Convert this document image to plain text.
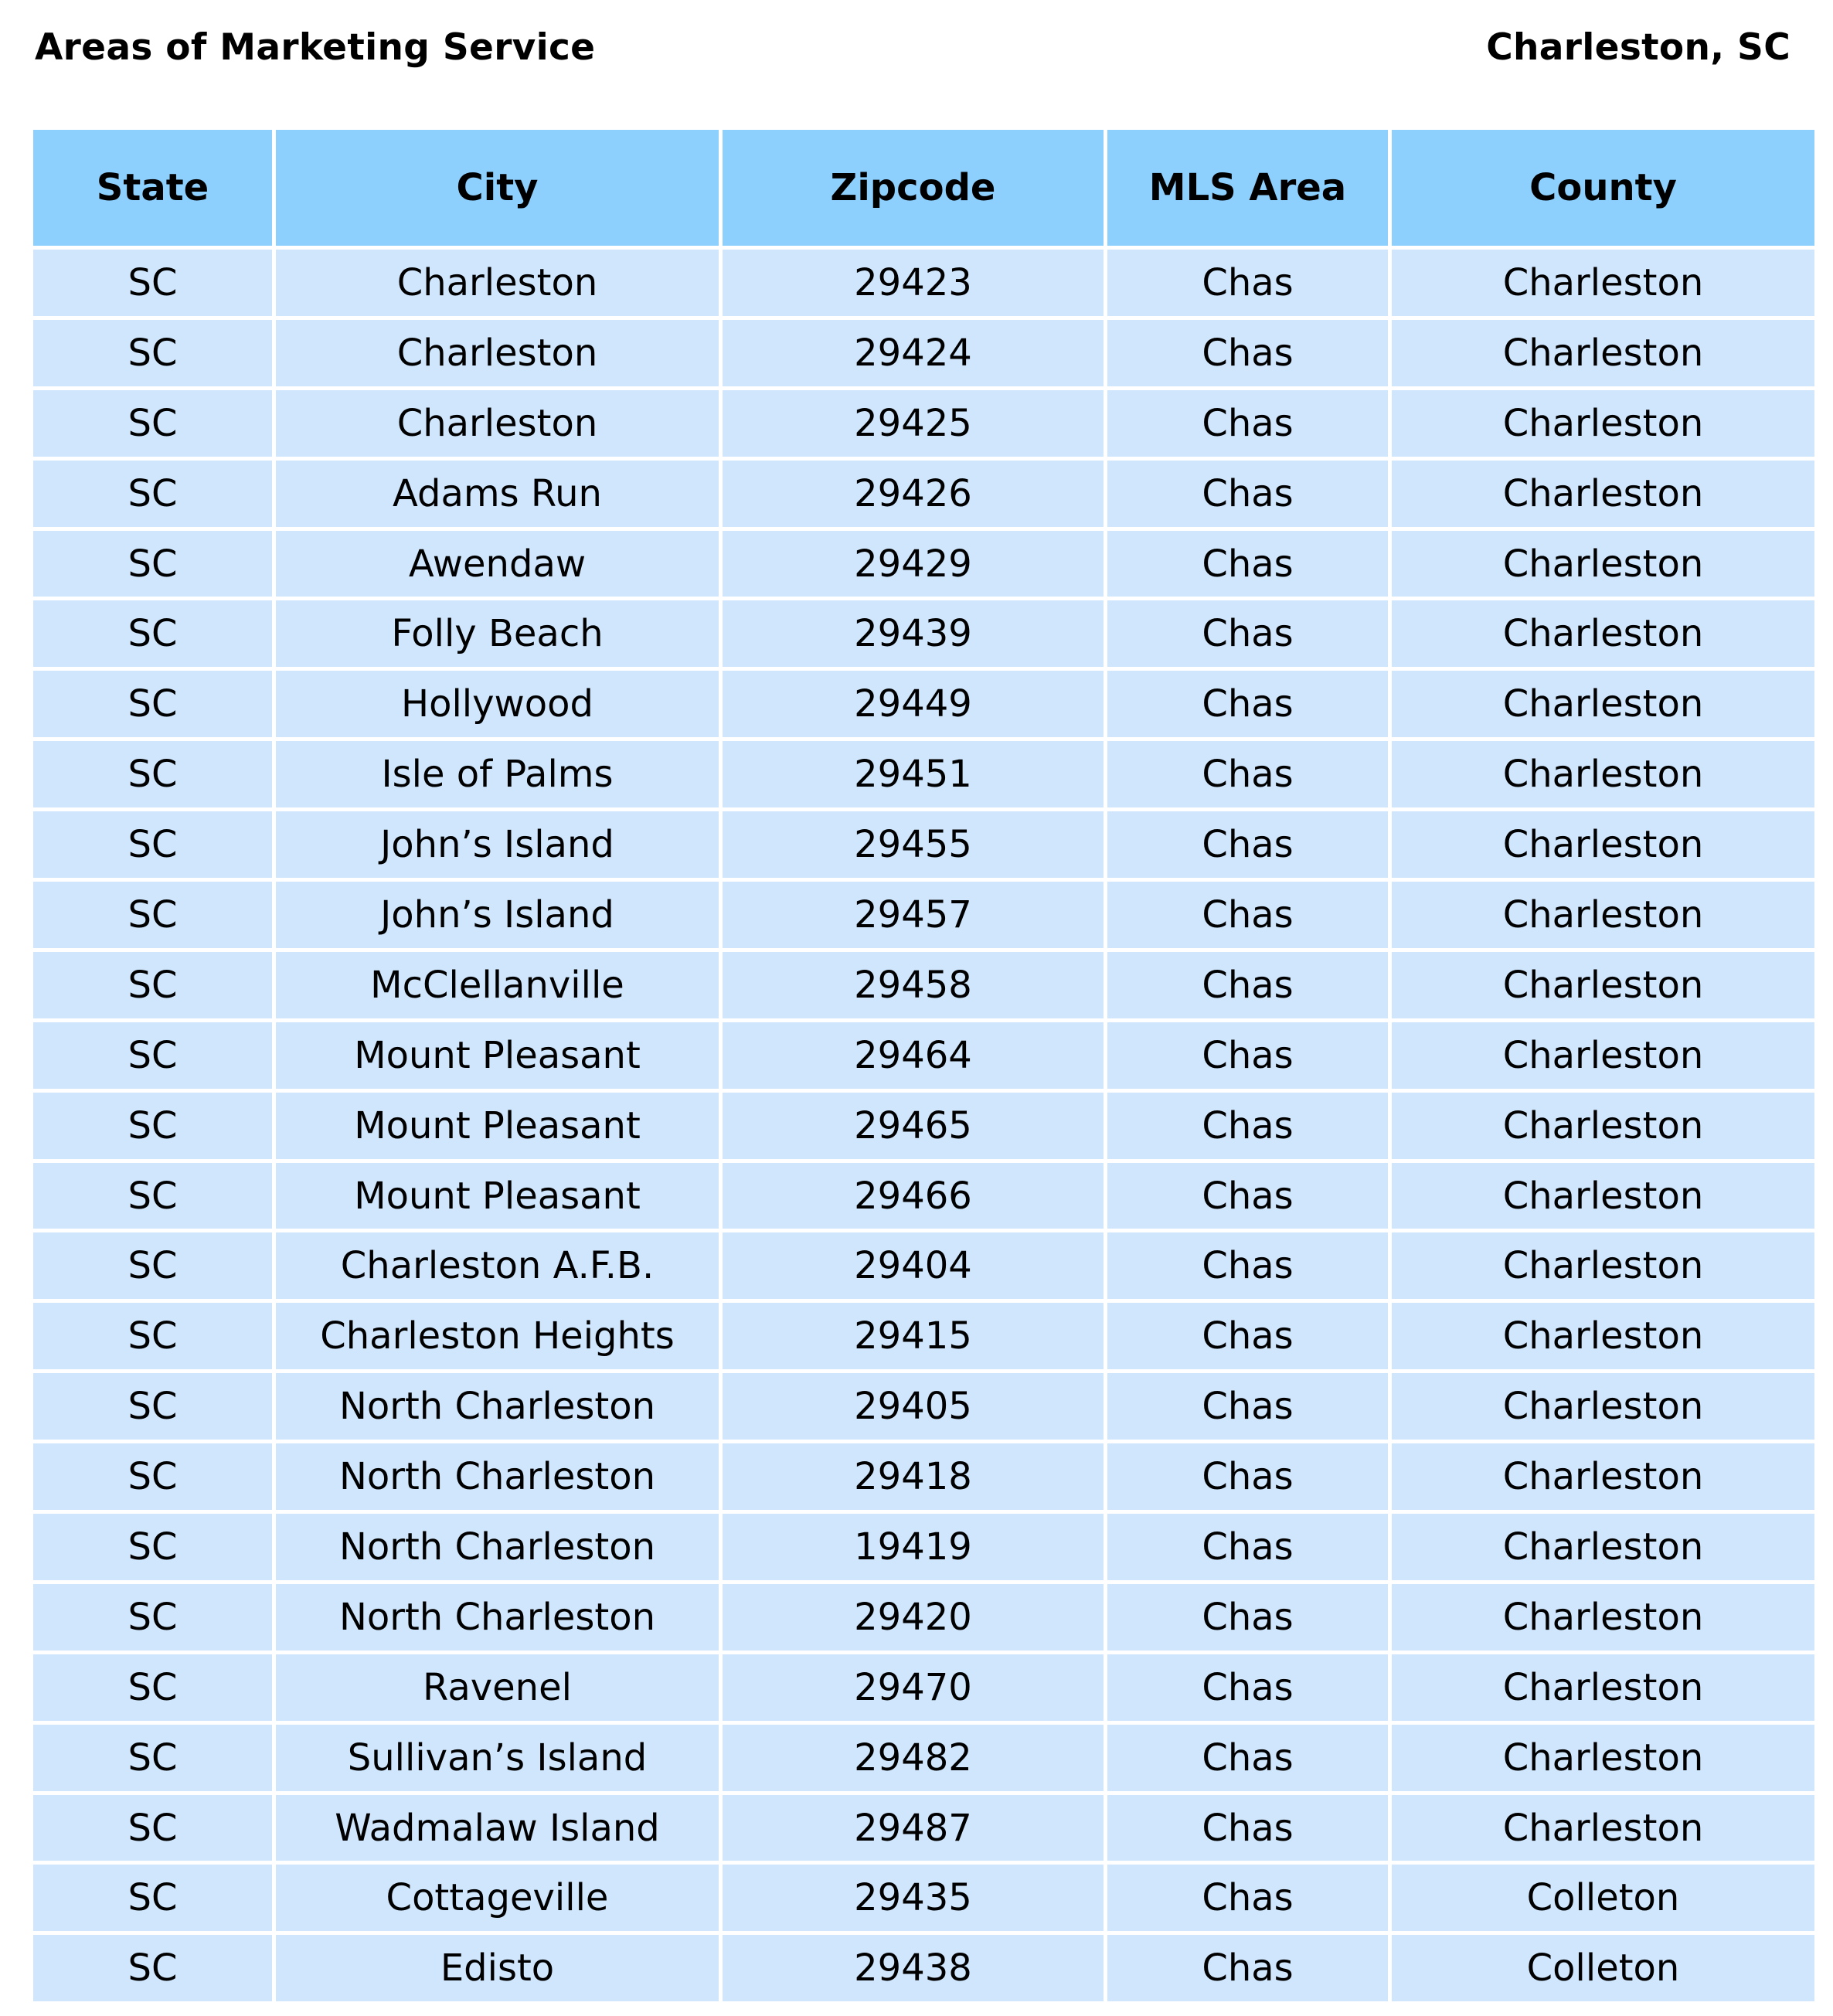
Areas of Marketing Service	Charleston, SC
State	City	Zipcode	MLS Area	County
SC	Charleston	29423	Chas	Charleston
SC	Charleston	29424	Chas	Charleston
SC	Charleston	29425	Chas	Charleston
SC	Adams Run	29426	Chas	Charleston
SC	Awendaw	29429	Chas	Charleston
SC	Folly Beach	29439	Chas	Charleston
SC	Hollywood	29449	Chas	Charleston
SC	Isle of Palms	29451	Chas	Charleston
SC	John’s Island	29455	Chas	Charleston
SC	John’s Island	29457	Chas	Charleston
SC	McClellanville	29458	Chas	Charleston
SC	Mount Pleasant	29464	Chas	Charleston
SC	Mount Pleasant	29465	Chas	Charleston
SC	Mount Pleasant	29466	Chas	Charleston
SC	Charleston A.F.B.	29404	Chas	Charleston
SC	Charleston Heights	29415	Chas	Charleston
SC	North Charleston	29405	Chas	Charleston
SC	North Charleston	29418	Chas	Charleston
SC	North Charleston	19419	Chas	Charleston
SC	North Charleston	29420	Chas	Charleston
SC	Ravenel	29470	Chas	Charleston
SC	Sullivan’s Island	29482	Chas	Charleston
SC	Wadmalaw Island	29487	Chas	Charleston
SC	Cottageville	29435	Chas	Colleton
SC	Edisto	29438	Chas	Colleton
